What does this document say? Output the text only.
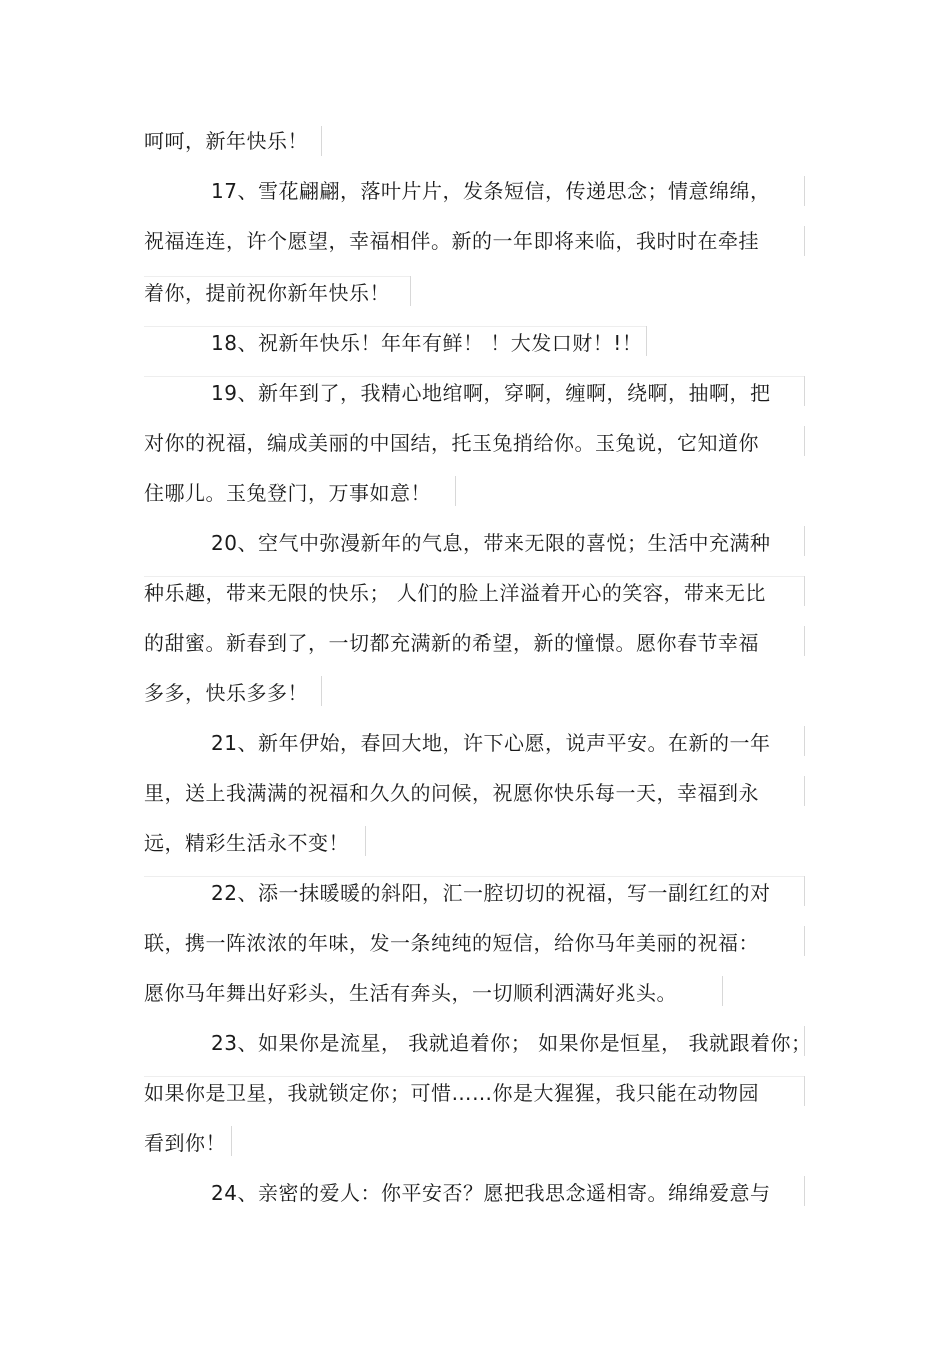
呵呵，新年快乐！
17、雪花翩翩，落叶片片，发条短信，传递思念；情意绵绵，
祝福连连，许个愿望，幸福相伴。新的一年即将来临，我时时在牵挂
着你，提前祝你新年快乐！
18、祝新年快乐！年年有鲜！ ！大发口财！!！
19、新年到了，我精心地绾啊，穿啊，缠啊，绕啊，抽啊，把
对你的祝福，编成美丽的中国结，托玉兔捎给你。玉兔说，它知道你
住哪儿。玉兔登门，万事如意！
20、空气中弥漫新年的气息，带来无限的喜悦；生活中充满种
种乐趣，带来无限的快乐； 人们的脸上洋溢着开心的笑容，带来无比
的甜蜜。新春到了，一切都充满新的希望，新的憧憬。愿你春节幸福
多多，快乐多多！
21、新年伊始，春回大地，许下心愿，说声平安。在新的一年
里，送上我满满的祝福和久久的问候，祝愿你快乐每一天，幸福到永
远，精彩生活永不变！
22、添一抹暖暖的斜阳，汇一腔切切的祝福，写一副红红的对
联，携一阵浓浓的年味，发一条纯纯的短信，给你马年美丽的祝福：
愿你马年舞出好彩头，生活有奔头，一切顺利洒满好兆头。
23、如果你是流星， 我就追着你； 如果你是恒星， 我就跟着你；
如果你是卫星，我就锁定你；可惜……你是大猩猩，我只能在动物园
看到你！
24、亲密的爱人：你平安否？愿把我思念遥相寄。绵绵爱意与
